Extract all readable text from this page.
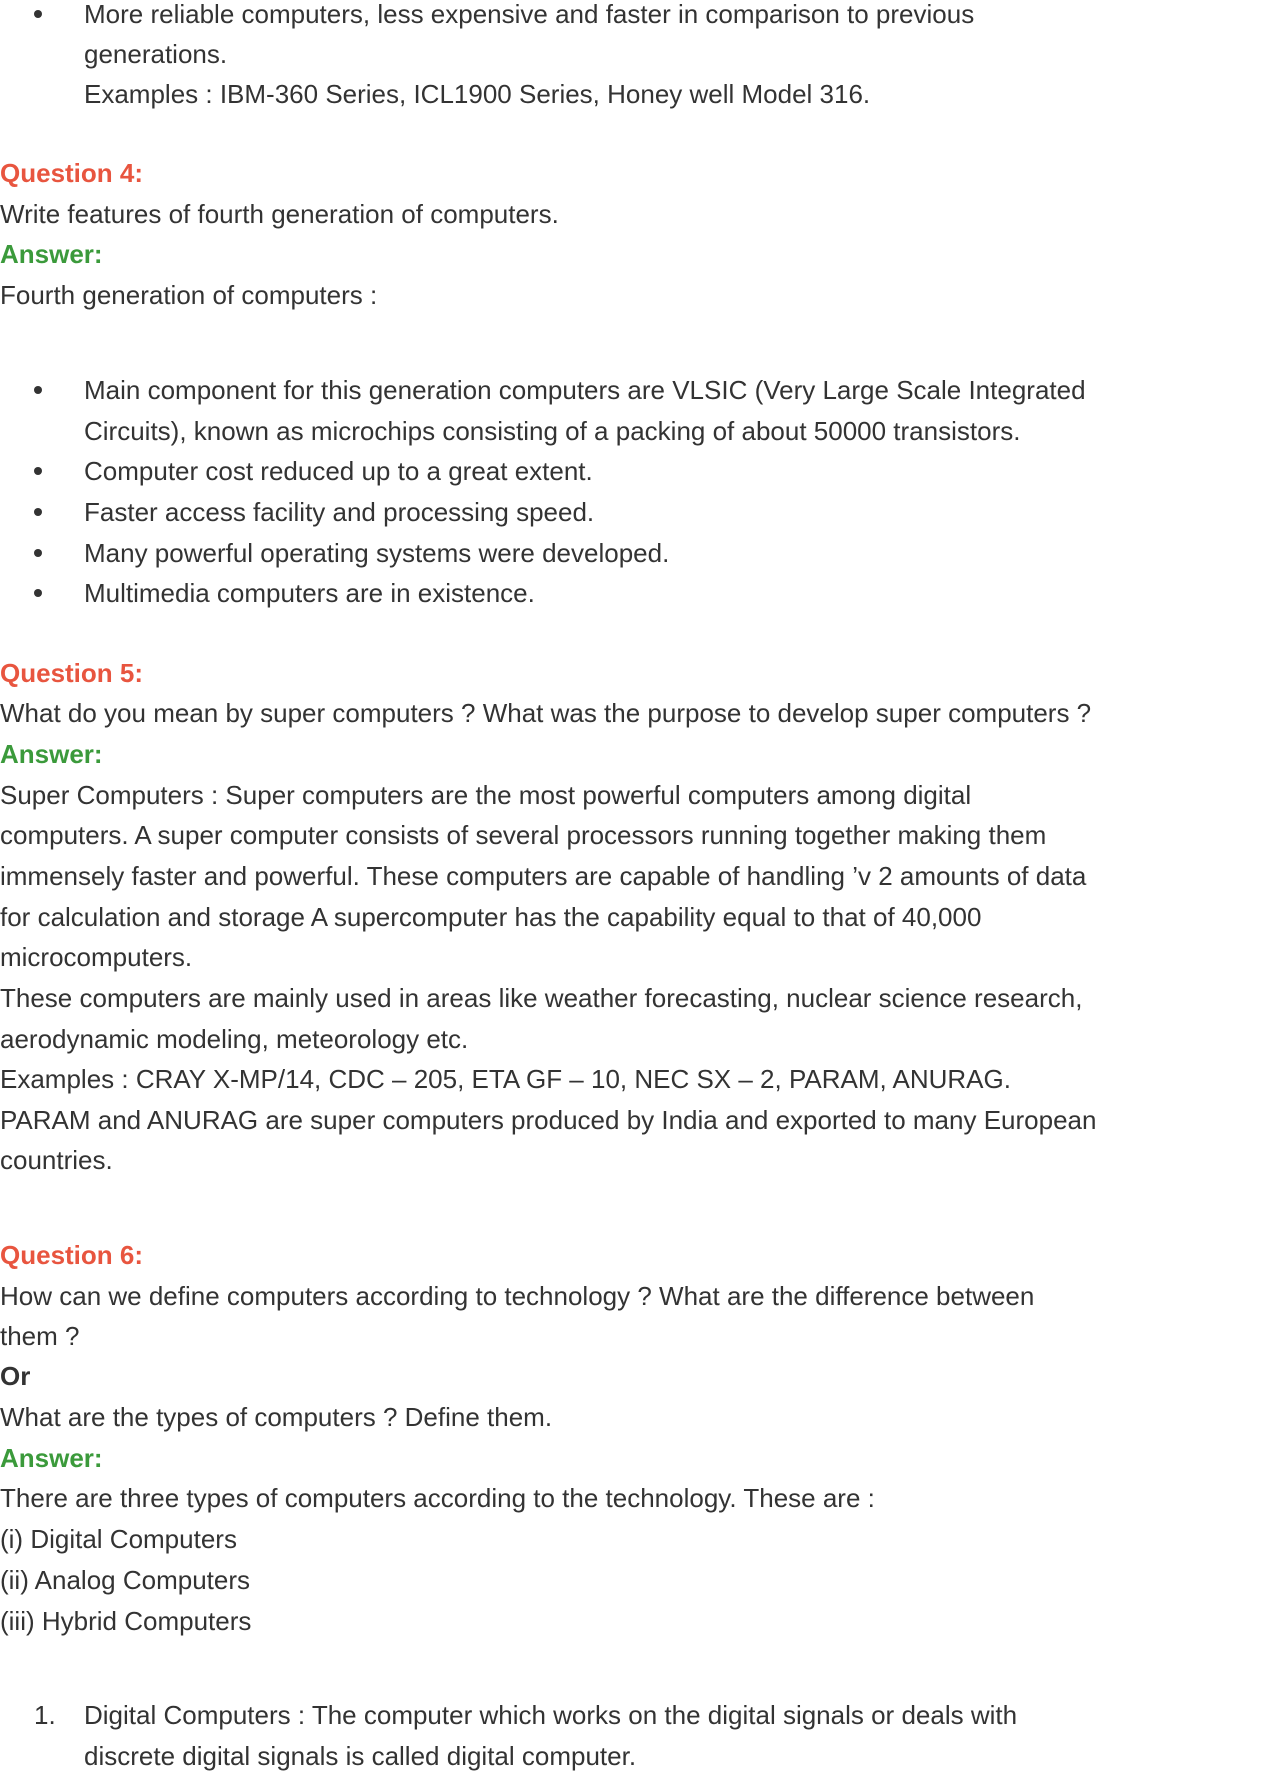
More reliable computers, less expensive and faster in comparison to previous
generations.
Examples : IBM-360 Series, ICL1900 Series, Honey well Model 316.
Question 4:
Write features of fourth generation of computers.
Answer:
Fourth generation of computers :
Main component for this generation computers are VLSIC (Very Large Scale Integrated
Circuits), known as microchips consisting of a packing of about 50000 transistors.
Computer cost reduced up to a great extent.
Faster access facility and processing speed.
Many powerful operating systems were developed.
Multimedia computers are in existence.
Question 5:
What do you mean by super computers ? What was the purpose to develop super computers ?
Answer:
Super Computers : Super computers are the most powerful computers among digital
computers. A super computer consists of several processors running together making them
immensely faster and powerful. These computers are capable of handling ’v 2 amounts of data
for calculation and storage A supercomputer has the capability equal to that of 40,000
microcomputers.
These computers are mainly used in areas like weather forecasting, nuclear science research,
aerodynamic modeling, meteorology etc.
Examples : CRAY X-MP/14, CDC – 205, ETA GF – 10, NEC SX – 2, PARAM, ANURAG.
PARAM and ANURAG are super computers produced by India and exported to many European
countries.
Question 6:
How can we define computers according to technology ? What are the difference between
them ?
Or
What are the types of computers ? Define them.
Answer:
There are three types of computers according to the technology. These are :
(i) Digital Computers
(ii) Analog Computers
(iii) Hybrid Computers
1. Digital Computers : The computer which works on the digital signals or deals with
discrete digital signals is called digital computer.
